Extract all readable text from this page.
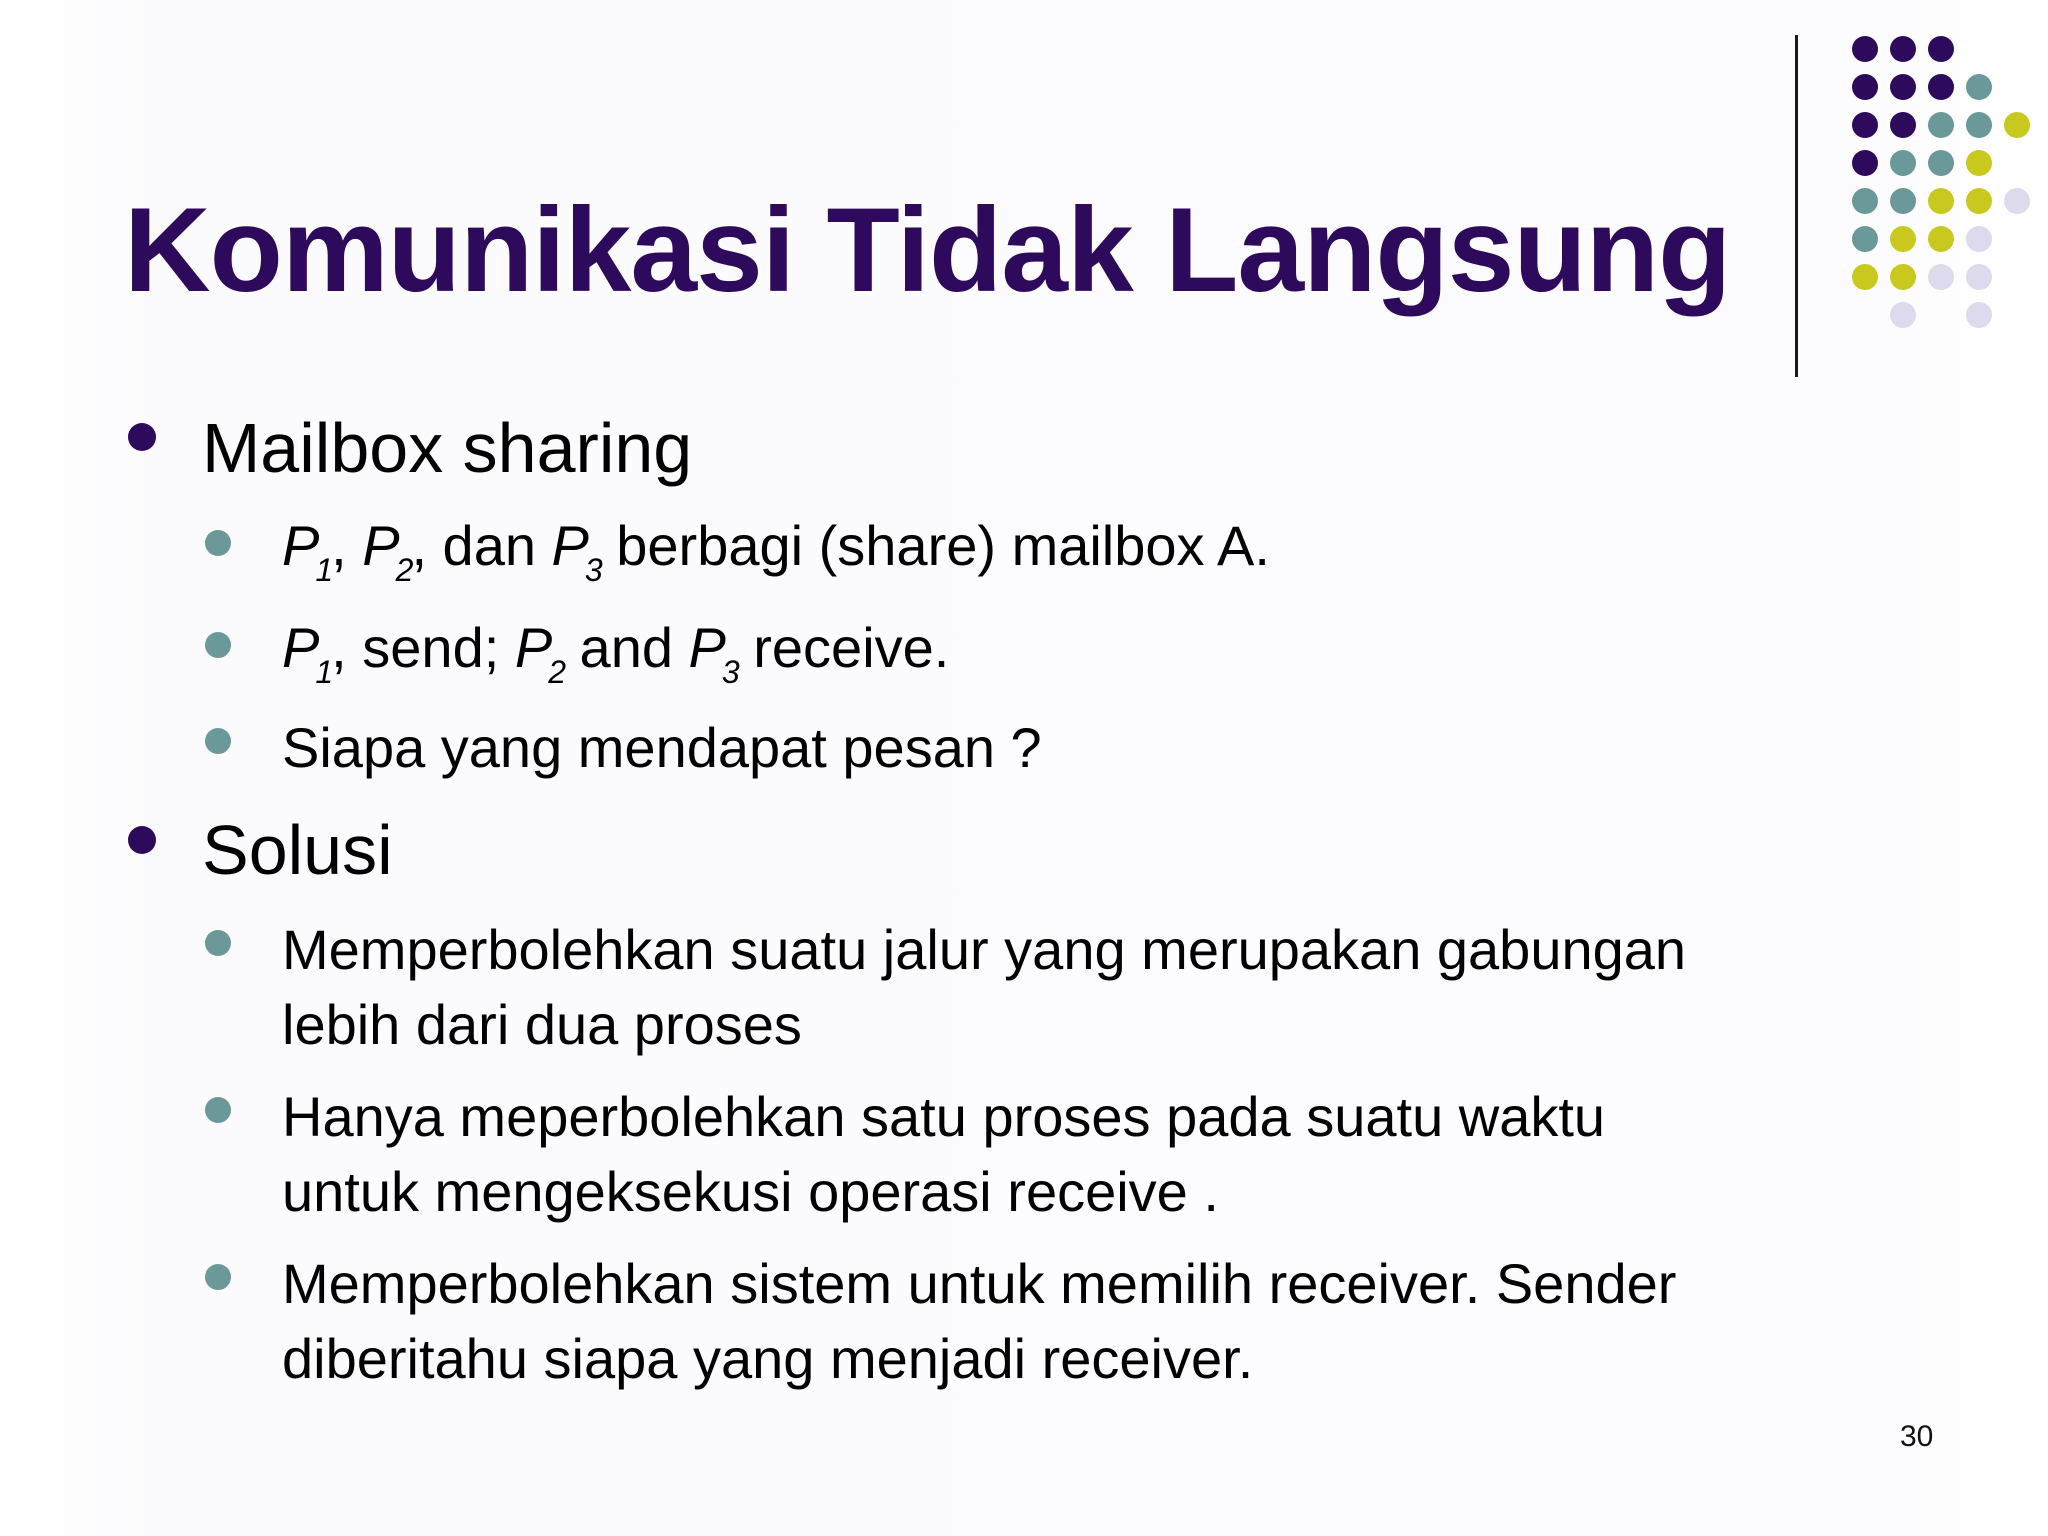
Komunikasi Tidak Langsung
Mailbox sharing
$P_1$, $P_2$, dan $P_3$ berbagi (share) mailbox A.
$P_1$, send; $P_2$ and $P_3$ receive.
Siapa yang mendapat pesan ?
Solusi
Memperbolehkan suatu jalur yang merupakan gabungan
lebih dari dua proses
Hanya meperbolehkan satu proses pada suatu waktu
untuk mengeksekusi operasi receive .
Memperbolehkan sistem untuk memilih receiver. Sender
diberitahu siapa yang menjadi receiver.
30
